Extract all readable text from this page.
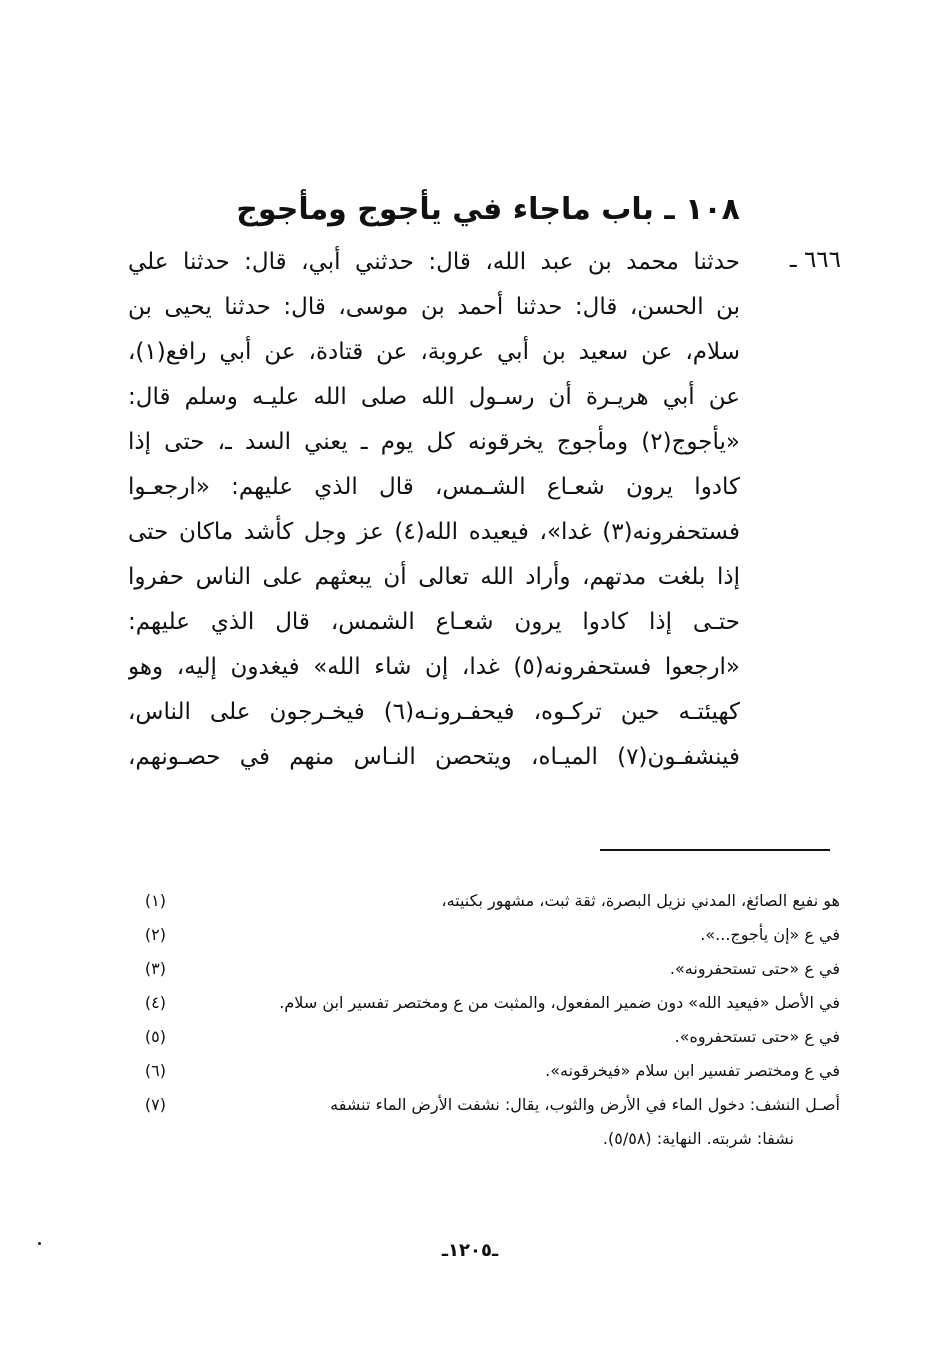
١٠٨ ـ باب ماجاء في يأجوج ومأجوج
٦٦٦ ـ
حدثنا محمد بن عبد الله، قال: حدثني أبي، قال: حدثنا علي
بن الحسن، قال: حدثنا أحمد بن موسى، قال: حدثنا يحيى بن
سلام، عن سعيد بن أبي عروبة، عن قتادة، عن أبي رافع(١)،
عن أبي هريـرة أن رسـول الله صلى الله عليـه وسلم قال:
«يأجوج(٢) ومأجوج يخرقونه كل يوم ـ يعني السد ـ، حتى إذا
كادوا يرون شعـاع الشـمس، قال الذي عليهم: «ارجعـوا
فستحفرونه(٣) غدا»، فيعيده الله(٤) عز وجل كأشد ماكان حتى
إذا بلغت مدتهم، وأراد الله تعالى أن يبعثهم على الناس حفروا
حتـى إذا كادوا يرون شعـاع الشمس، قال الذي عليهم:
«ارجعوا فستحفرونه(٥) غدا، إن شاء الله» فيغدون إليه، وهو
كهيئتـه حين تركـوه، فيحفـرونـه(٦) فيخـرجون على الناس،
فينشفـون(٧) الميـاه، ويتحصن النـاس منهم في حصـونهم،
(١)	هو نفيع الصائغ، المدني نزيل البصرة، ثقة ثبت، مشهور بكنيته،
(٢)	في ع «إن يأجوج...».
(٣)	في ع «حتى تستحفرونه».
(٤)	في الأصل «فيعيد الله» دون ضمير المفعول، والمثبت من ع ومختصر تفسير ابن سلام.
(٥)	في ع «حتى تستحفروه».
(٦)	في ع ومختصر تفسير ابن سلام «فيخرقونه».
(٧)	أصـل النشف: دخول الماء في الأرض والثوب، يقال: نشفت الأرض الماء تنشفه
نشفا: شربته. النهاية: (٥/٥٨).
ـ١٢٠٥ـ
